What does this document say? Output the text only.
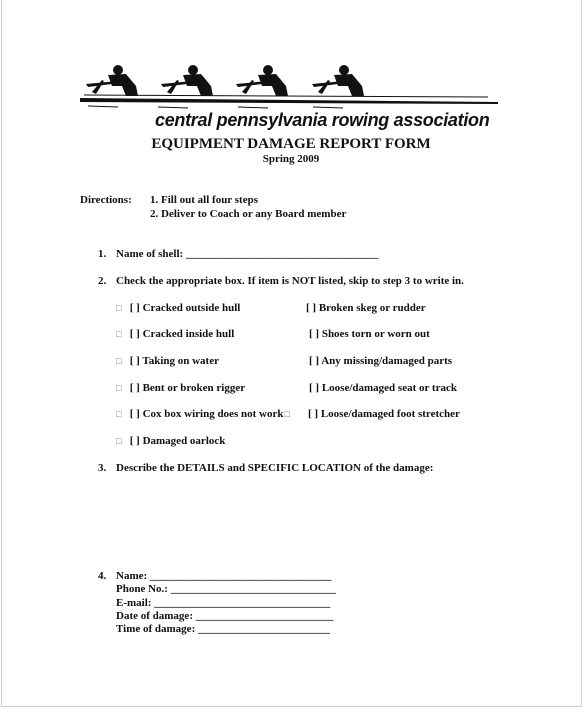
central pennsylvania rowing association
EQUIPMENT DAMAGE REPORT FORM
Spring 2009
Directions: 1. Fill out all four steps
2. Deliver to Coach or any Board member
1. Name of shell: ___________________________________
2. Check the appropriate box. If item is NOT listed, skip to step 3 to write in.
□ [ ] Cracked outside hull
□ [ ] Cracked inside hull
□ [ ] Taking on water
□ [ ] Bent or broken rigger
□ [ ] Cox box wiring does not work□
□ [ ] Damaged oarlock
[ ] Broken skeg or rudder
[ ] Shoes torn or worn out
[ ] Any missing/damaged parts
[ ] Loose/damaged seat or track
[ ] Loose/damaged foot stretcher
3. Describe the DETAILS and SPECIFIC LOCATION of the damage:
4. Name: _________________________________
Phone No.: ______________________________
E-mail: ________________________________
Date of damage: _________________________
Time of damage: ________________________
